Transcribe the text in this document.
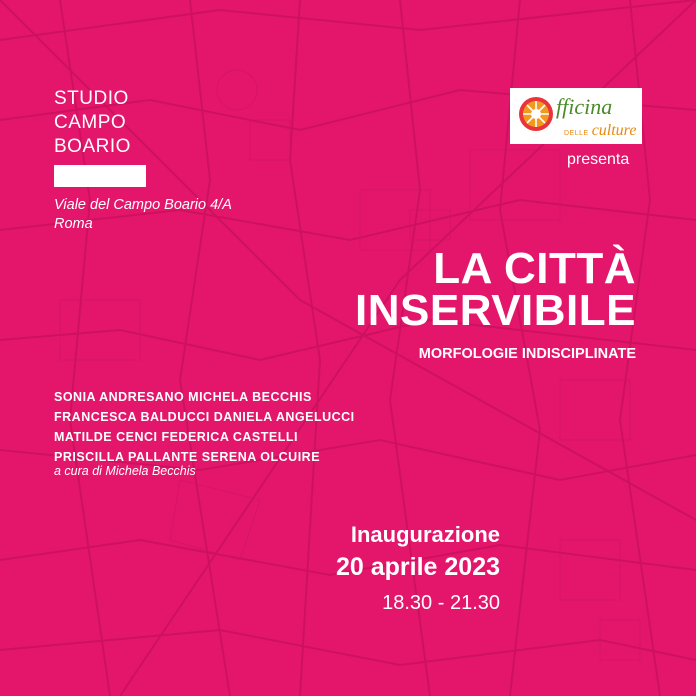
STUDIO
CAMPO
BOARIO
Viale del Campo Boario 4/A
Roma
fficina
DELLE culture
presenta
LA CITTÀ
INSERVIBILE
MORFOLOGIE INDISCIPLINATE
SONIA ANDRESANO MICHELA BECCHIS
FRANCESCA BALDUCCI DANIELA ANGELUCCI
MATILDE CENCI FEDERICA CASTELLI
PRISCILLA PALLANTE SERENA OLCUIRE
a cura di Michela Becchis
Inaugurazione
20 aprile 2023
18.30 - 21.30
